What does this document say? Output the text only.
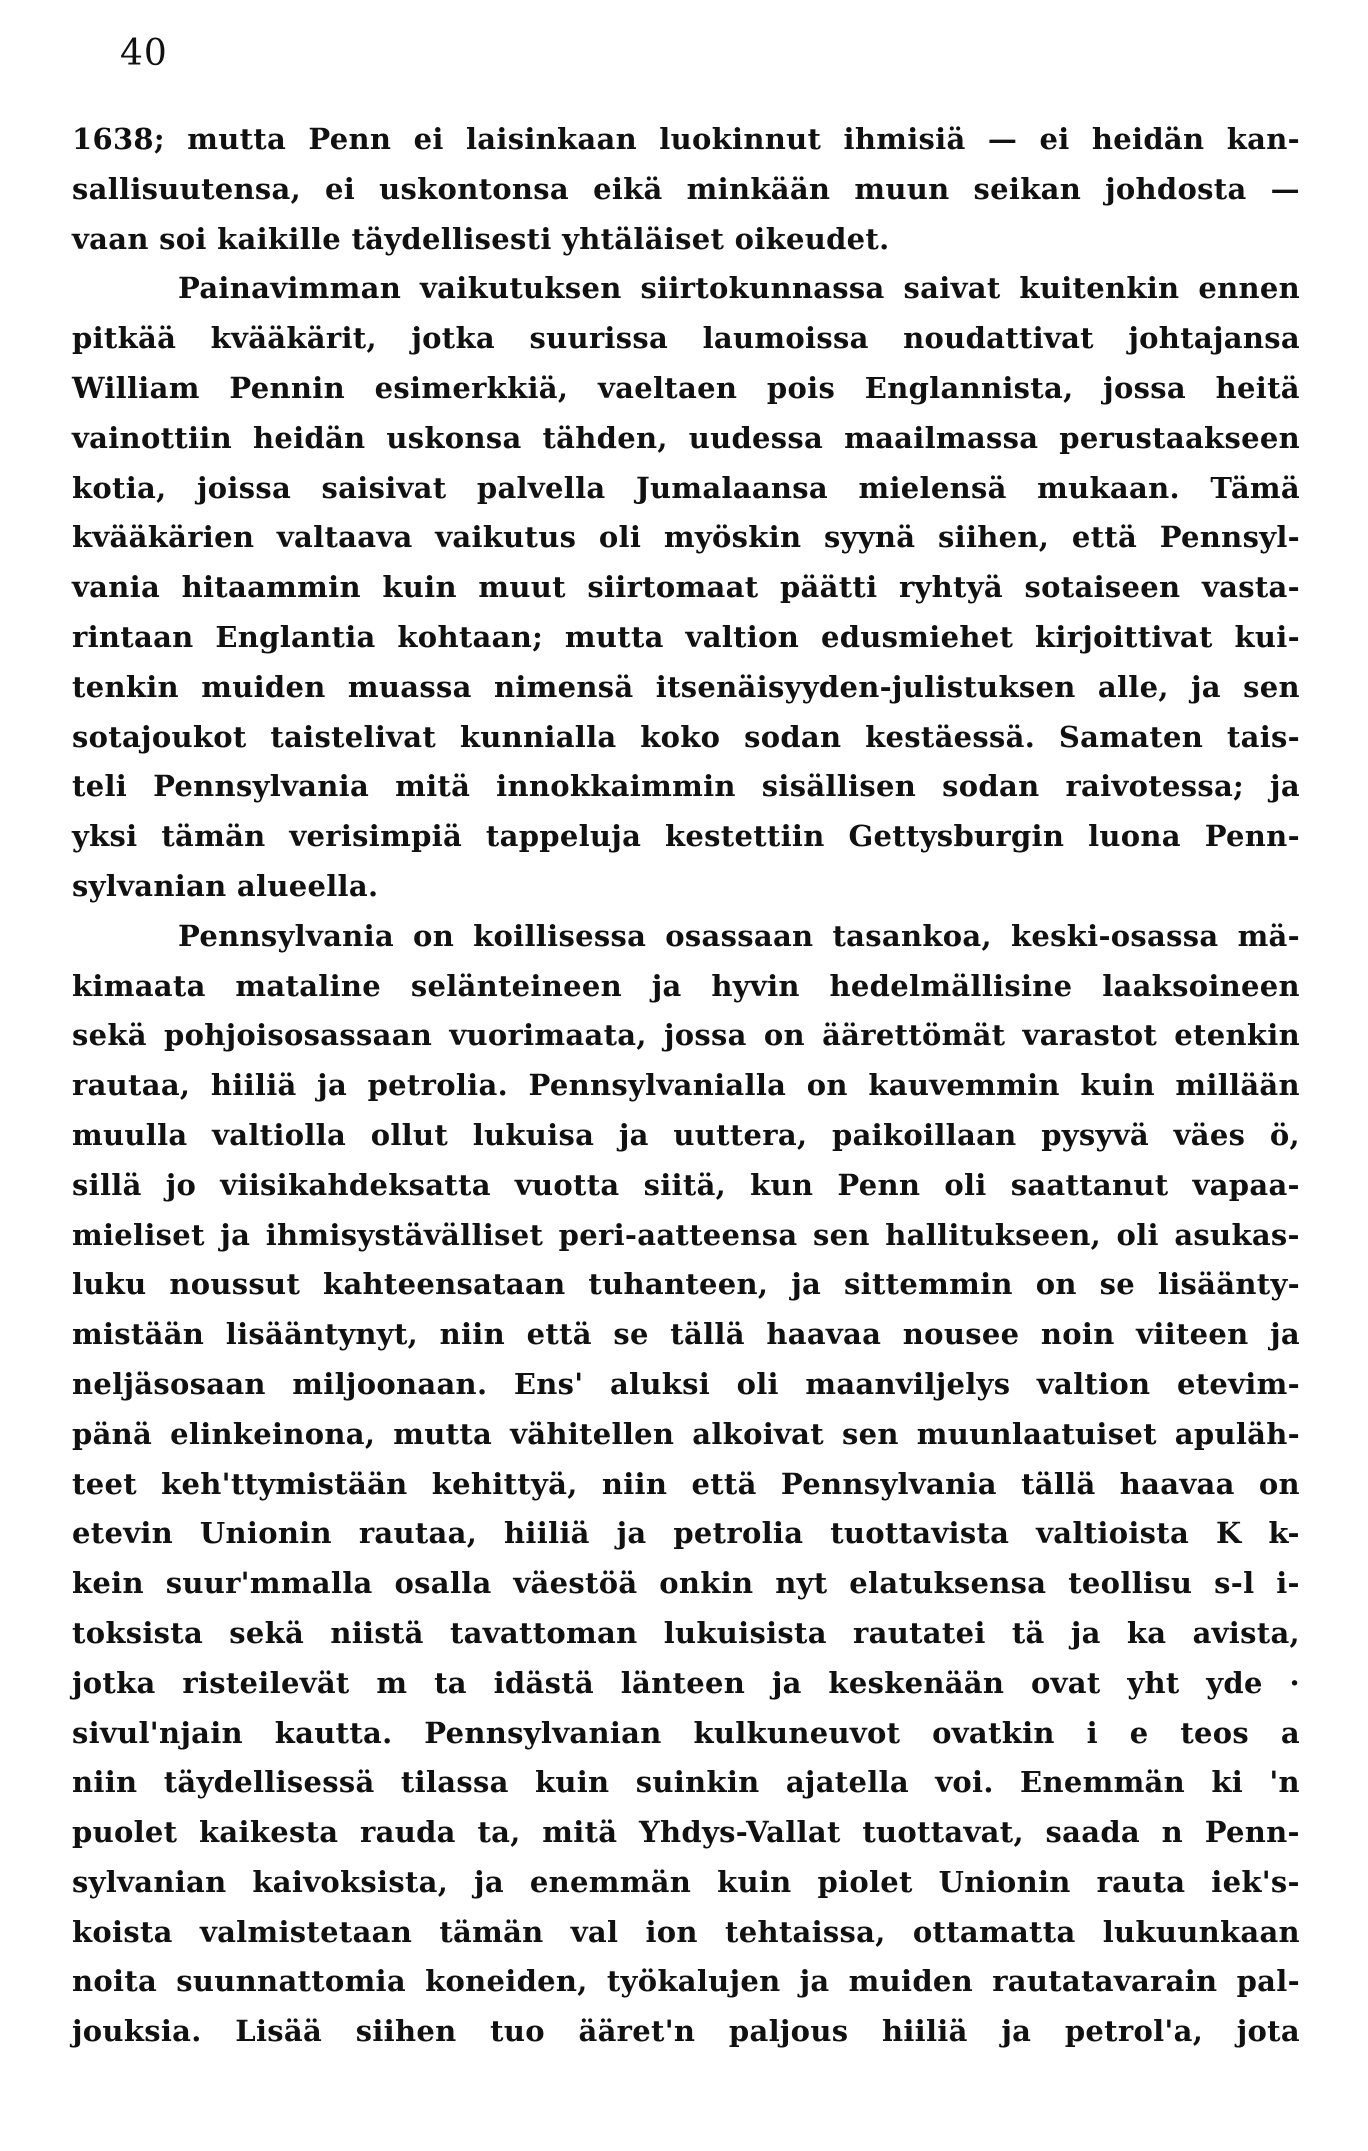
40
1638; mutta Penn ei laisinkaan luokinnut ihmisiä — ei heidän kan-
sallisuutensa, ei uskontonsa eikä minkään muun seikan johdosta —
vaan
soi
kaikille
täydellisesti
yhtäläiset
oikeudet.

Painavimman vaikutuksen siirtokunnassa saivat kuitenkin ennen
pitkää kvääkärit, jotka suurissa laumoissa noudattivat johtajansa
William Pennin esimerkkiä, vaeltaen pois Englannista, jossa heitä
vainottiin heidän uskonsa tähden, uudessa maailmassa perustaakseen
kotia, joissa saisivat palvella Jumalaansa mielensä mukaan. Tämä
kvääkärien valtaava vaikutus oli myöskin syynä siihen, että Pennsyl-
vania hitaammin kuin muut siirtomaat päätti ryhtyä sotaiseen vasta-
rintaan Englantia kohtaan; mutta valtion edusmiehet kirjoittivat kui-
tenkin muiden muassa nimensä itsenäisyyden-julistuksen alle, ja sen
sotajoukot taistelivat kunnialla koko sodan kestäessä. Samaten tais-
teli Pennsylvania mitä innokkaimmin sisällisen sodan raivotessa; ja
yksi tämän verisimpiä tappeluja kestettiin Gettysburgin luona Penn-
sylvanian
alueella.

Pennsylvania on koillisessa osassaan tasankoa, keski-osassa mä-
kimaata mataline selänteineen ja hyvin hedelmällisine laaksoineen
sekä pohjoisosassaan vuorimaata, jossa on äärettömät varastot etenkin
rautaa, hiiliä ja petrolia. Pennsylvanialla on kauvemmin kuin millään
muulla valtiolla ollut lukuisa ja uuttera, paikoillaan pysyvä väes ö,
sillä jo viisikahdeksatta vuotta siitä, kun Penn oli saattanut vapaa-
mieliset ja ihmisystävälliset peri-aatteensa sen hallitukseen, oli asukas-
luku noussut kahteensataan tuhanteen, ja sittemmin on se lisäänty-
mistään lisääntynyt, niin että se tällä haavaa nousee noin viiteen ja
neljäsosaan miljoonaan. Ens' aluksi oli maanviljelys valtion etevim-
pänä elinkeinona, mutta vähitellen alkoivat sen muunlaatuiset apuläh-
teet keh'ttymistään kehittyä, niin että Pennsylvania tällä haavaa on
etevin Unionin rautaa, hiiliä ja petrolia tuottavista valtioista K k-
kein suur'mmalla osalla väestöä onkin nyt elatuksensa teollisu s-l i-
toksista sekä niistä tavattoman lukuisista rautatei tä ja ka avista,
jotka risteilevät m ta idästä länteen ja keskenään ovat yht yde ·
sivul'njain kautta. Pennsylvanian kulkuneuvot ovatkin i e teos a
niin täydellisessä tilassa kuin suinkin ajatella voi. Enemmän ki 'n
puolet kaikesta rauda ta, mitä Yhdys-Vallat tuottavat, saada n Penn-
sylvanian kaivoksista, ja enemmän kuin piolet Unionin rauta iek's-
koista valmistetaan tämän val ion tehtaissa, ottamatta lukuunkaan
noita suunnattomia koneiden, työkalujen ja muiden rautatavarain pal-
jouksia. Lisää siihen tuo ääret'n paljous hiiliä ja petrol'a, jota
